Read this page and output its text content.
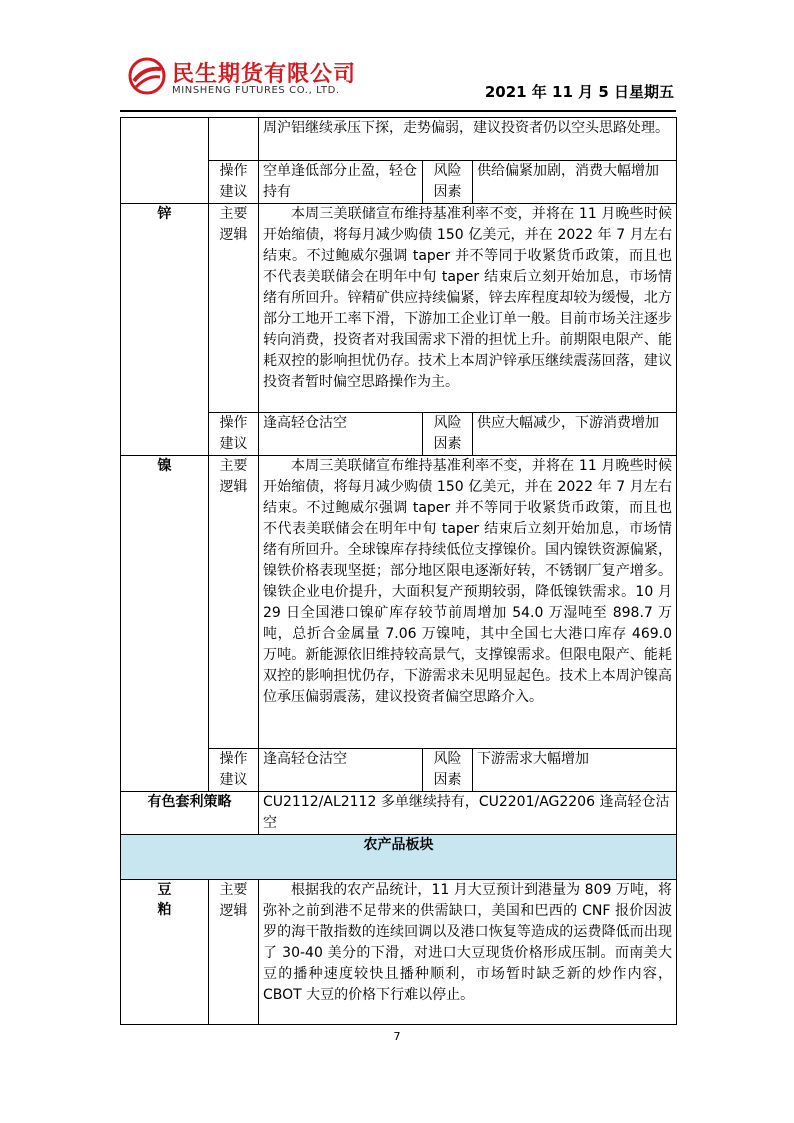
民生期货有限公司
MINSHENG FUTURES CO., LTD.	2021 年 11 月 5 日星期五
		周沪铝继续承压下探，走势偏弱，建议投资者仍以空头思路处理。		
	操作建议	空单逢低部分止盈，轻仓持有	风险因素	供给偏紧加剧，消费大幅增加
锌	主要逻辑	本周三美联储宣布维持基准利率不变，并将在 11 月晚些时候开始缩债，将每月减少购债 150 亿美元，并在 2022 年 7 月左右结束。不过鲍威尔强调 taper 并不等同于收紧货币政策，而且也不代表美联储会在明年中旬 taper 结束后立刻开始加息，市场情绪有所回升。锌精矿供应持续偏紧，锌去库程度却较为缓慢，北方部分工地开工率下滑，下游加工企业订单一般。目前市场关注逐步转向消费，投资者对我国需求下滑的担忧上升。前期限电限产、能耗双控的影响担忧仍存。技术上本周沪锌承压继续震荡回落，建议投资者暂时偏空思路操作为主。		

	操作建议	逢高轻仓沽空	风险因素	供应大幅减少，下游消费增加
镍	主要逻辑	本周三美联储宣布维持基准利率不变，并将在 11 月晚些时候开始缩债，将每月减少购债 150 亿美元，并在 2022 年 7 月左右结束。不过鲍威尔强调 taper 并不等同于收紧货币政策，而且也不代表美联储会在明年中旬 taper 结束后立刻开始加息，市场情绪有所回升。全球镍库存持续低位支撑镍价。国内镍铁资源偏紧，镍铁价格表现坚挺；部分地区限电逐渐好转，不锈钢厂复产增多。镍铁企业电价提升，大面积复产预期较弱，降低镍铁需求。10 月 29 日全国港口镍矿库存较节前周增加 54.0 万湿吨至 898.7 万吨，总折合金属量 7.06 万镍吨，其中全国七大港口库存 469.0 万吨。新能源依旧维持较高景气，支撑镍需求。但限电限产、能耗双控的影响担忧仍存，下游需求未见明显起色。技术上本周沪镍高位承压偏弱震荡，建议投资者偏空思路介入。		

	操作建议	逢高轻仓沽空	风险因素	下游需求大幅增加
有色套利策略		CU2112/AL2112 多单继续持有，CU2201/AG2206 逢高轻仓沽空		
农产品板块				

豆粕	主要逻辑	根据我的农产品统计，11 月大豆预计到港量为 809 万吨，将弥补之前到港不足带来的供需缺口，美国和巴西的 CNF 报价因波罗的海干散指数的连续回调以及港口恢复等造成的运费降低而出现了 30-40 美分的下滑，对进口大豆现货价格形成压制。而南美大豆的播种速度较快且播种顺利，市场暂时缺乏新的炒作内容，CBOT 大豆的价格下行难以停止。		
7
